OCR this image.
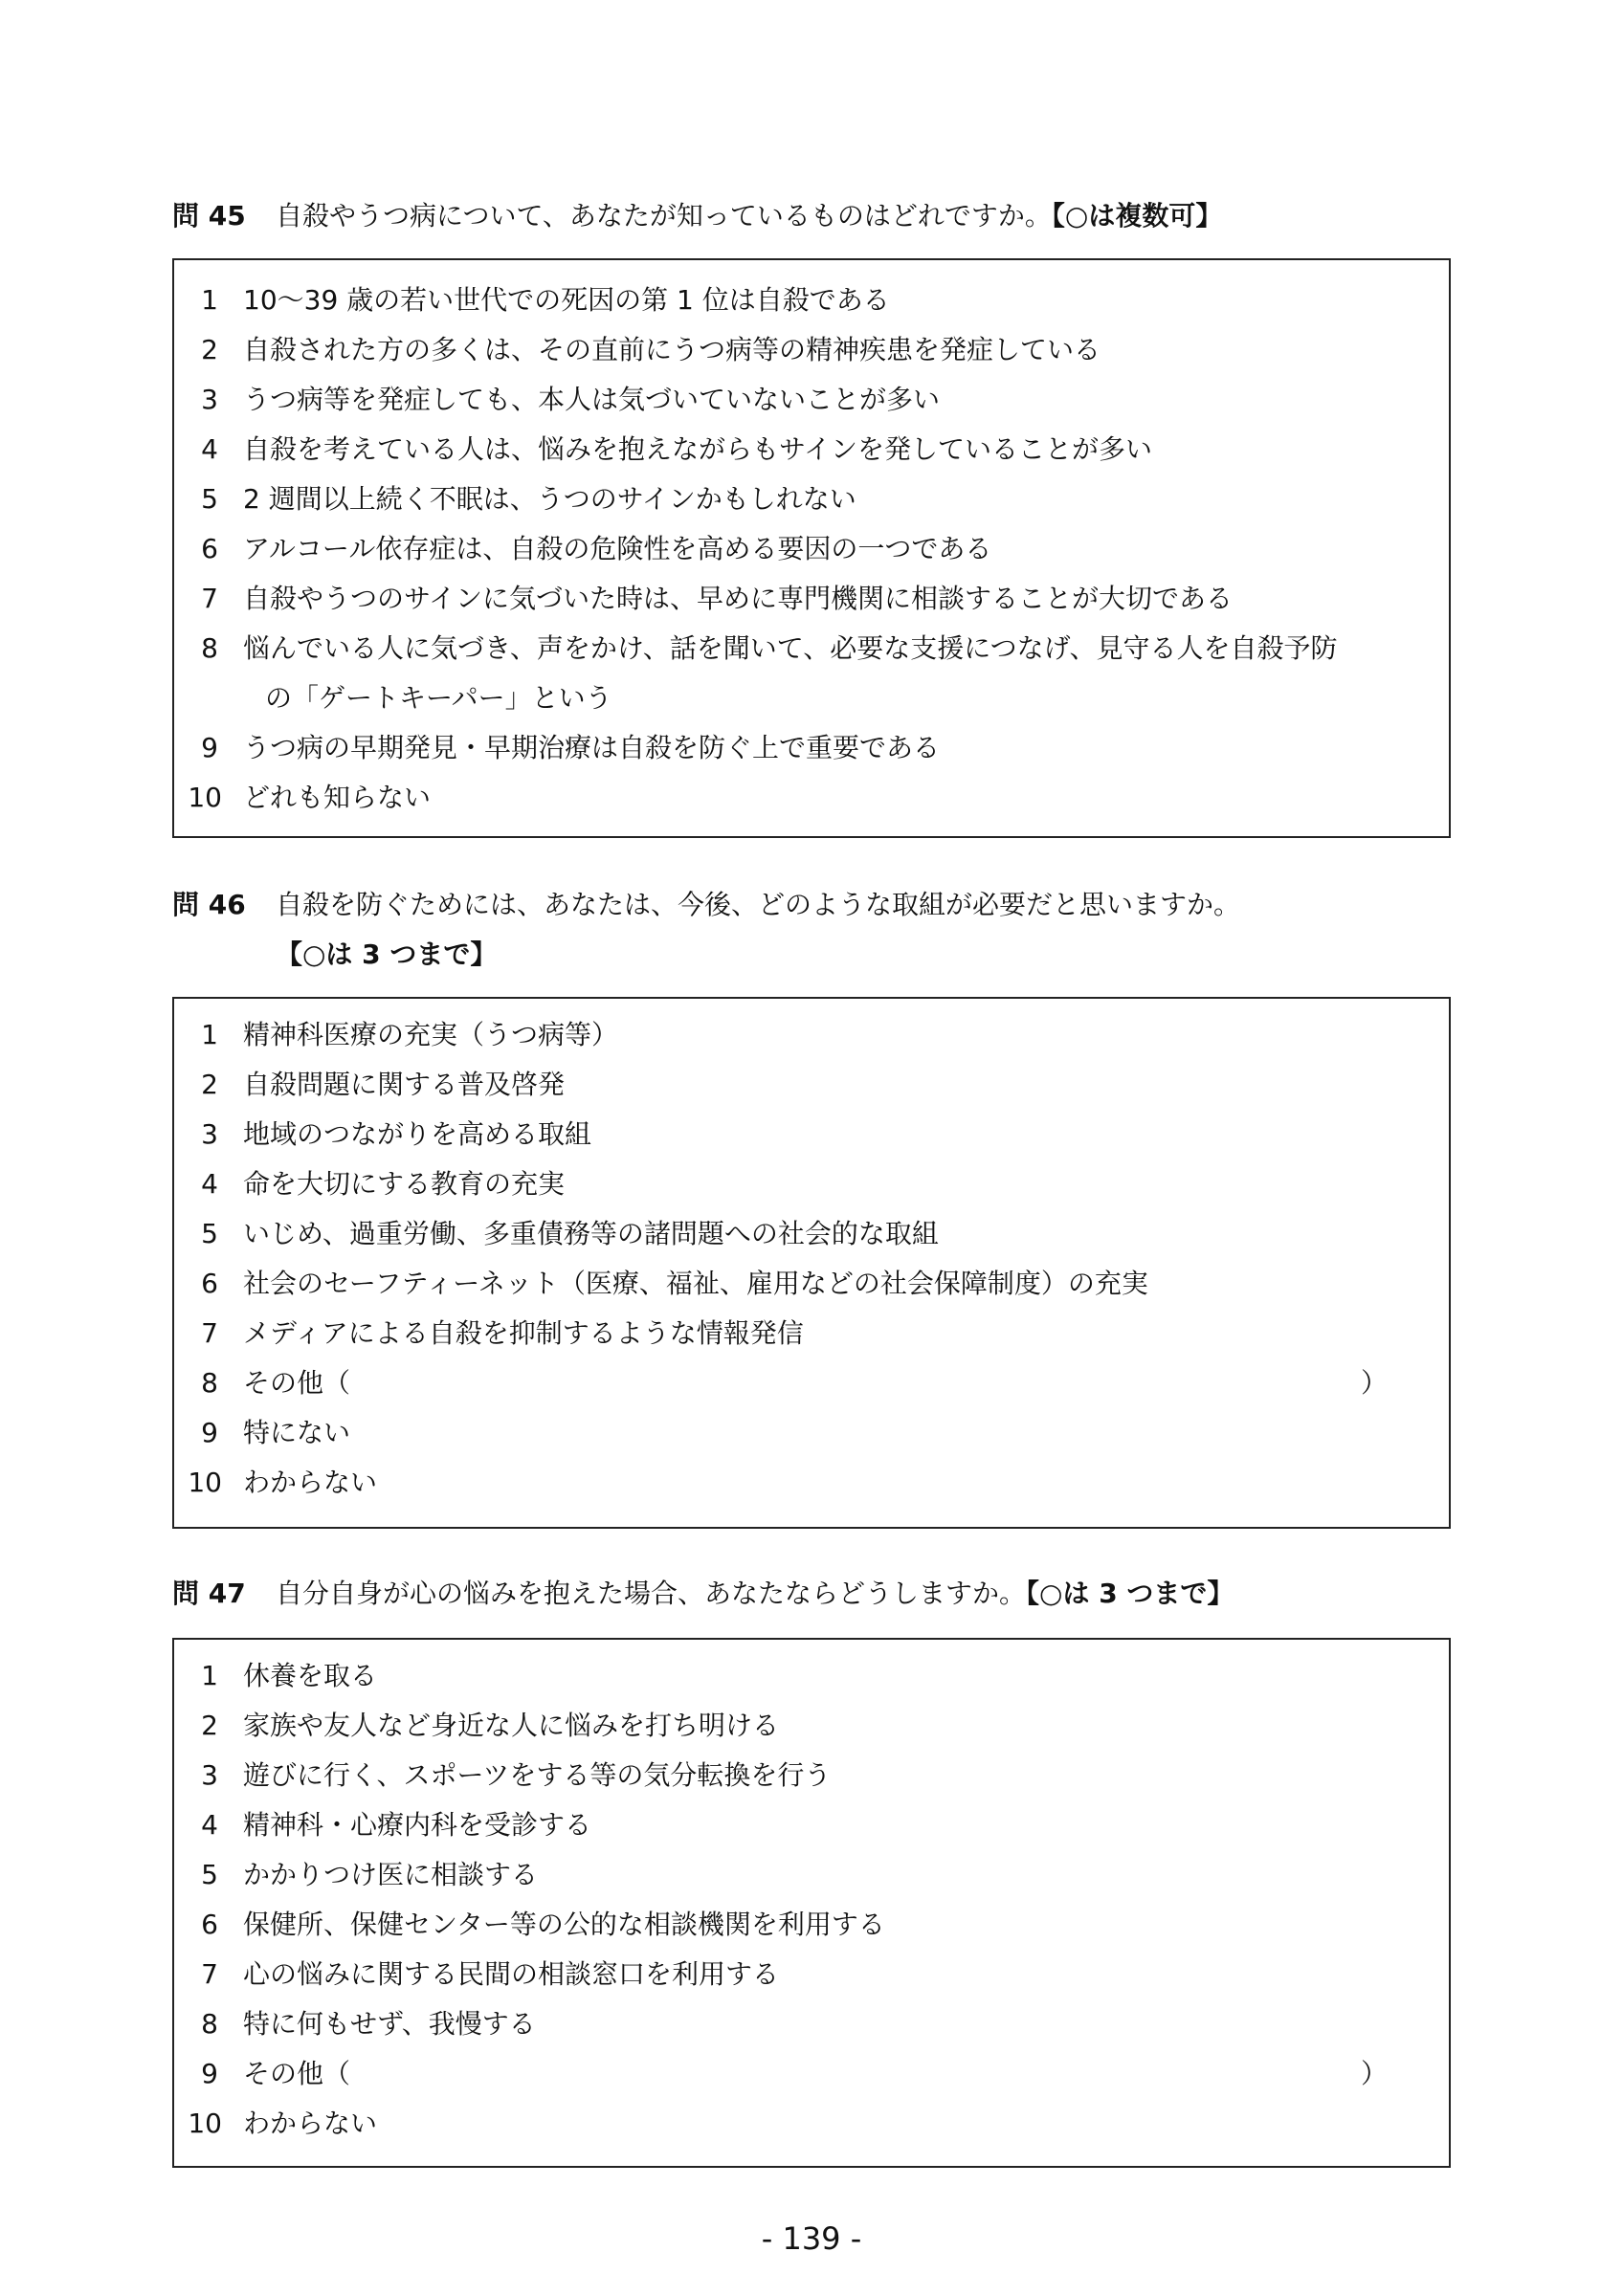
問 45 自殺やうつ病について、あなたが知っているものはどれですか。【○は複数可】
1 10～39 歳の若い世代での死因の第 1 位は自殺である
2 自殺された方の多くは、その直前にうつ病等の精神疾患を発症している
3 うつ病等を発症しても、本人は気づいていないことが多い
4 自殺を考えている人は、悩みを抱えながらもサインを発していることが多い
5 2 週間以上続く不眠は、うつのサインかもしれない
6 アルコール依存症は、自殺の危険性を高める要因の一つである
7 自殺やうつのサインに気づいた時は、早めに専門機関に相談することが大切である
8 悩んでいる人に気づき、声をかけ、話を聞いて、必要な支援につなげ、見守る人を自殺予防
の「ゲートキーパー」という
9 うつ病の早期発見・早期治療は自殺を防ぐ上で重要である
10 どれも知らない
問 46 自殺を防ぐためには、あなたは、今後、どのような取組が必要だと思いますか。
【○は 3 つまで】
1 精神科医療の充実（うつ病等）
2 自殺問題に関する普及啓発
3 地域のつながりを高める取組
4 命を大切にする教育の充実
5 いじめ、過重労働、多重債務等の諸問題への社会的な取組
6 社会のセーフティーネット（医療、福祉、雇用などの社会保障制度）の充実
7 メディアによる自殺を抑制するような情報発信
8 その他（	）
9 特にない
10 わからない
問 47 自分自身が心の悩みを抱えた場合、あなたならどうしますか。【○は 3 つまで】
1 休養を取る
2 家族や友人など身近な人に悩みを打ち明ける
3 遊びに行く、スポーツをする等の気分転換を行う
4 精神科・心療内科を受診する
5 かかりつけ医に相談する
6 保健所、保健センター等の公的な相談機関を利用する
7 心の悩みに関する民間の相談窓口を利用する
8 特に何もせず、我慢する
9 その他（	）
10 わからない
- 139 -
